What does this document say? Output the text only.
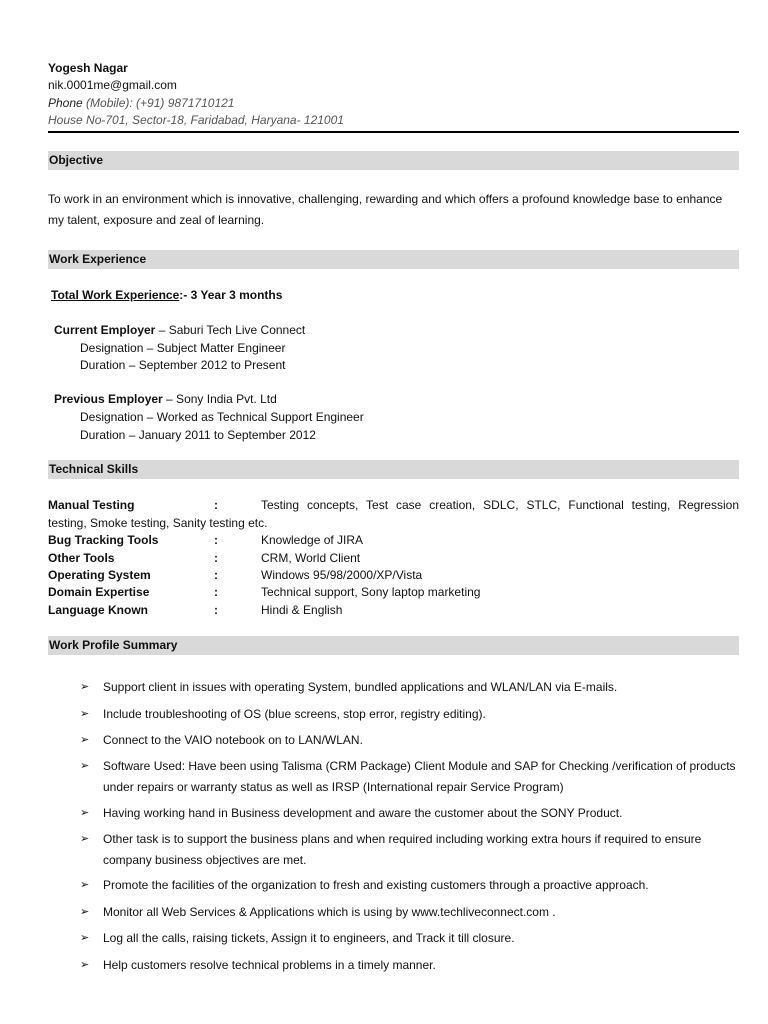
Yogesh Nagar
nik.0001me@gmail.com
Phone (Mobile): (+91) 9871710121
House No-701, Sector-18, Faridabad, Haryana- 121001
Objective
To work in an environment which is innovative, challenging, rewarding and which offers a profound knowledge base to enhance my talent, exposure and zeal of learning.
Work Experience
Total Work Experience:- 3 Year 3 months
Current Employer – Saburi Tech Live Connect
Designation – Subject Matter Engineer
Duration – September 2012 to Present
Previous Employer – Sony India Pvt. Ltd
Designation – Worked as Technical Support Engineer
Duration – January 2011 to September 2012
Technical Skills
Manual Testing	:	Testing concepts, Test case creation, SDLC, STLC, Functional testing, Regression
testing, Smoke testing, Sanity testing etc.
Bug Tracking Tools	:	Knowledge of JIRA
Other Tools	:	CRM, World Client
Operating System	:	Windows 95/98/2000/XP/Vista
Domain Expertise	:	Technical support, Sony laptop marketing
Language Known	:	Hindi & English
Work Profile Summary
➢	Support client in issues with operating System, bundled applications and WLAN/LAN via E-mails.
➢	Include troubleshooting of OS (blue screens, stop error, registry editing).
➢	Connect to the VAIO notebook on to LAN/WLAN.
➢	Software Used: Have been using Talisma (CRM Package) Client Module and SAP for Checking /verification of products under repairs or warranty status as well as IRSP (International repair Service Program)
➢	Having working hand in Business development and aware the customer about the SONY Product.
➢	Other task is to support the business plans and when required including working extra hours if required to ensure company business objectives are met.
➢	Promote the facilities of the organization to fresh and existing customers through a proactive approach.
➢	Monitor all Web Services & Applications which is using by www.techliveconnect.com .
➢	Log all the calls, raising tickets, Assign it to engineers, and Track it till closure.
➢	Help customers resolve technical problems in a timely manner.
